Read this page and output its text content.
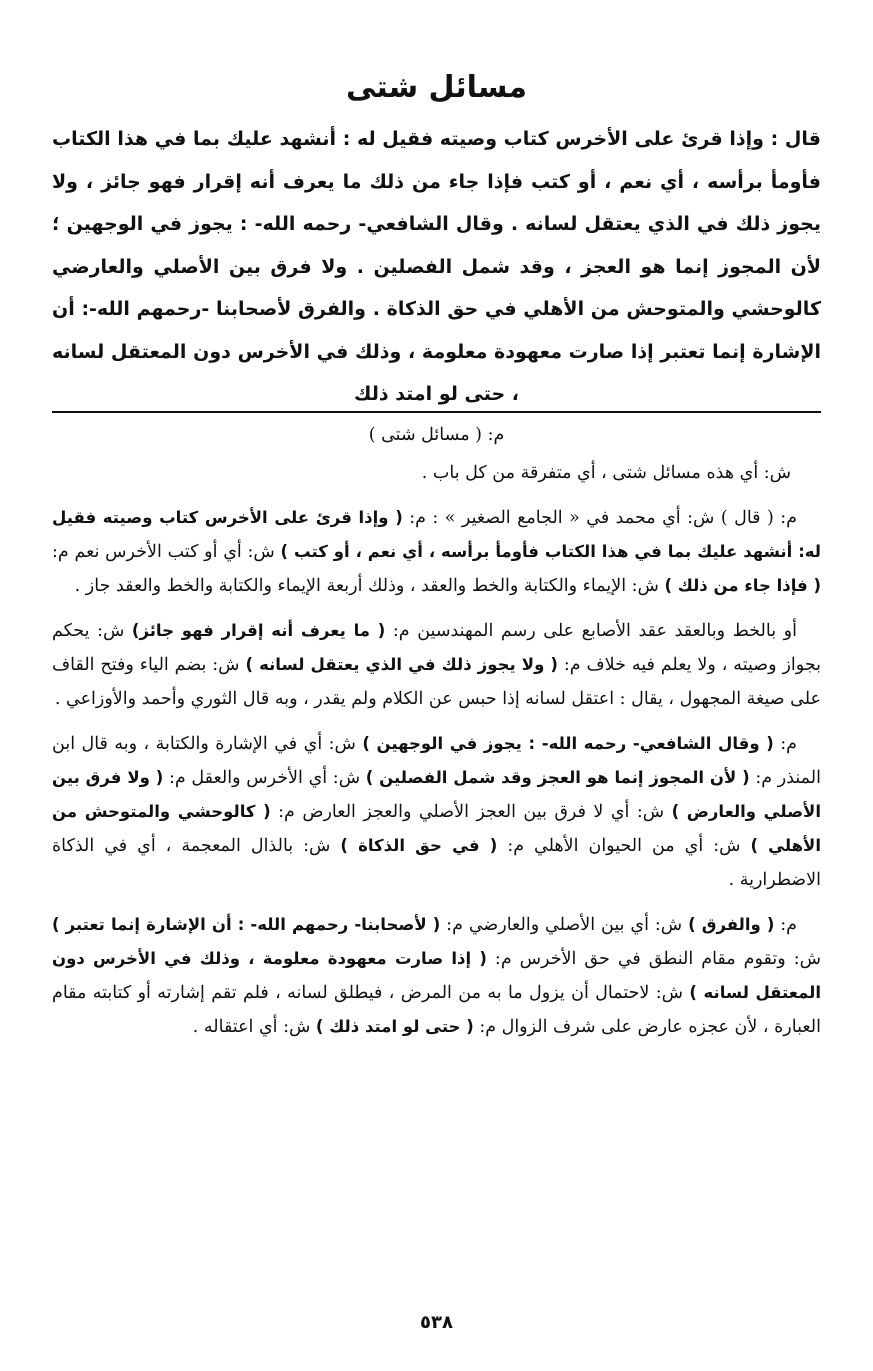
مسائل شتى
قال : وإذا قرئ على الأخرس كتاب وصيته فقيل له : أنشهد عليك بما في هذا الكتاب فأومأ برأسه ، أي نعم ، أو كتب فإذا جاء من ذلك ما يعرف أنه إقرار فهو جائز ، ولا يجوز ذلك في الذي يعتقل لسانه . وقال الشافعي- رحمه الله- : يجوز في الوجهين ؛لأن المجوز إنما هو العجز ، وقد شمل الفصلين . ولا فرق بين الأصلي والعارضي كالوحشي والمتوحش من الأهلي في حق الذكاة . والفرق لأصحابنا -رحمهم الله-: أن الإشارة إنما تعتبر إذا صارت معهودة معلومة ، وذلك في الأخرس دون المعتقل لسانه ، حتى لو امتد ذلك
م: ( مسائل شتى )

ش: أي هذه مسائل شتى ، أي متفرقة من كل باب .

م: ( قال ) ش: أي محمد في « الجامع الصغير » : م: ( وإذا قرئ على الأخرس كتاب وصيته فقيل له: أنشهد عليك بما في هذا الكتاب فأومأ برأسه ، أي نعم ، أو كتب ) ش: أي أو كتب الأخرس نعم م: ( فإذا جاء من ذلك ) ش: الإيماء والكتابة والخط والعقد ، وذلك أربعة الإيماء والكتابة والخط والعقد جاز .

أو بالخط وبالعقد عقد الأصابع على رسم المهندسين م: ( ما يعرف أنه إقرار فهو جائز) ش: يحكم بجواز وصيته ، ولا يعلم فيه خلاف م: ( ولا يجوز ذلك في الذي يعتقل لسانه ) ش: بضم الياء وفتح القاف على صيغة المجهول ، يقال : اعتقل لسانه إذا حبس عن الكلام ولم يقدر ، وبه قال الثوري وأحمد والأوزاعي .

م: ( وقال الشافعي- رحمه الله- : يجوز في الوجهين ) ش: أي في الإشارة والكتابة ، وبه قال ابن المنذر م: ( لأن المجوز إنما هو العجز وقد شمل الفصلين ) ش: أي الأخرس والعقل م: ( ولا فرق بين الأصلي والعارض ) ش: أي لا فرق بين العجز الأصلي والعجز العارض م: ( كالوحشي والمتوحش من الأهلي ) ش: أي من الحيوان الأهلي م: ( في حق الذكاة ) ش: بالذال المعجمة ، أي في الذكاة الاضطرارية .

م: ( والفرق ) ش: أي بين الأصلي والعارضي م: ( لأصحابنا- رحمهم الله- : أن الإشارة إنما تعتبر ) ش: وتقوم مقام النطق في حق الأخرس م: ( إذا صارت معهودة معلومة ، وذلك في الأخرس دون المعتقل لسانه ) ش: لاحتمال أن يزول ما به من المرض ، فيطلق لسانه ، فلم تقم إشارته أو كتابته مقام العبارة ، لأن عجزه عارض على شرف الزوال م: ( حتى لو امتد ذلك ) ش: أي اعتقاله .

٥٣٨
